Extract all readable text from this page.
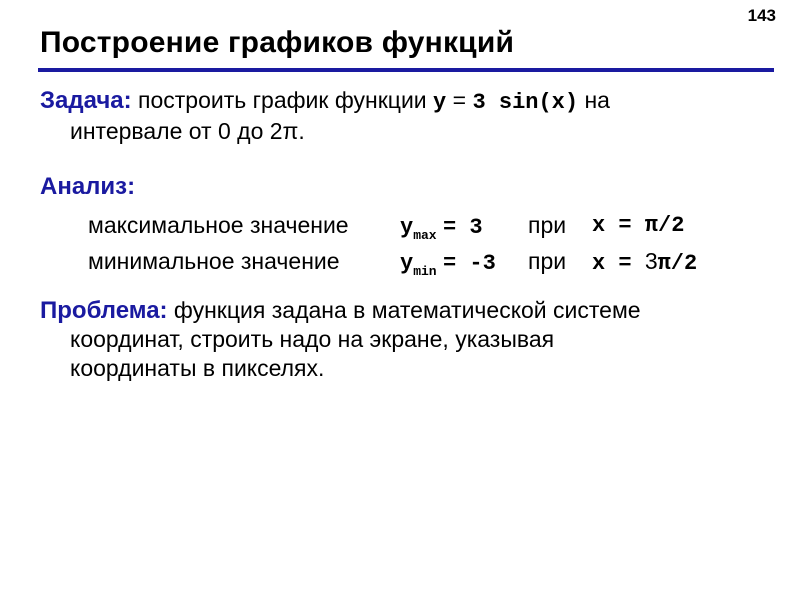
143
Построение графиков функций
Задача: построить график функции y = 3 sin(x) на
интервале от 0 до 2π.
Анализ:
максимальное значение $y_{max} = 3$ при x = π/2
минимальное значение	$y_{min} = -3$ при x = 3π/2
Проблема: функция задана в математической системе
координат, строить надо на экране, указывая
координаты в пикселях.
